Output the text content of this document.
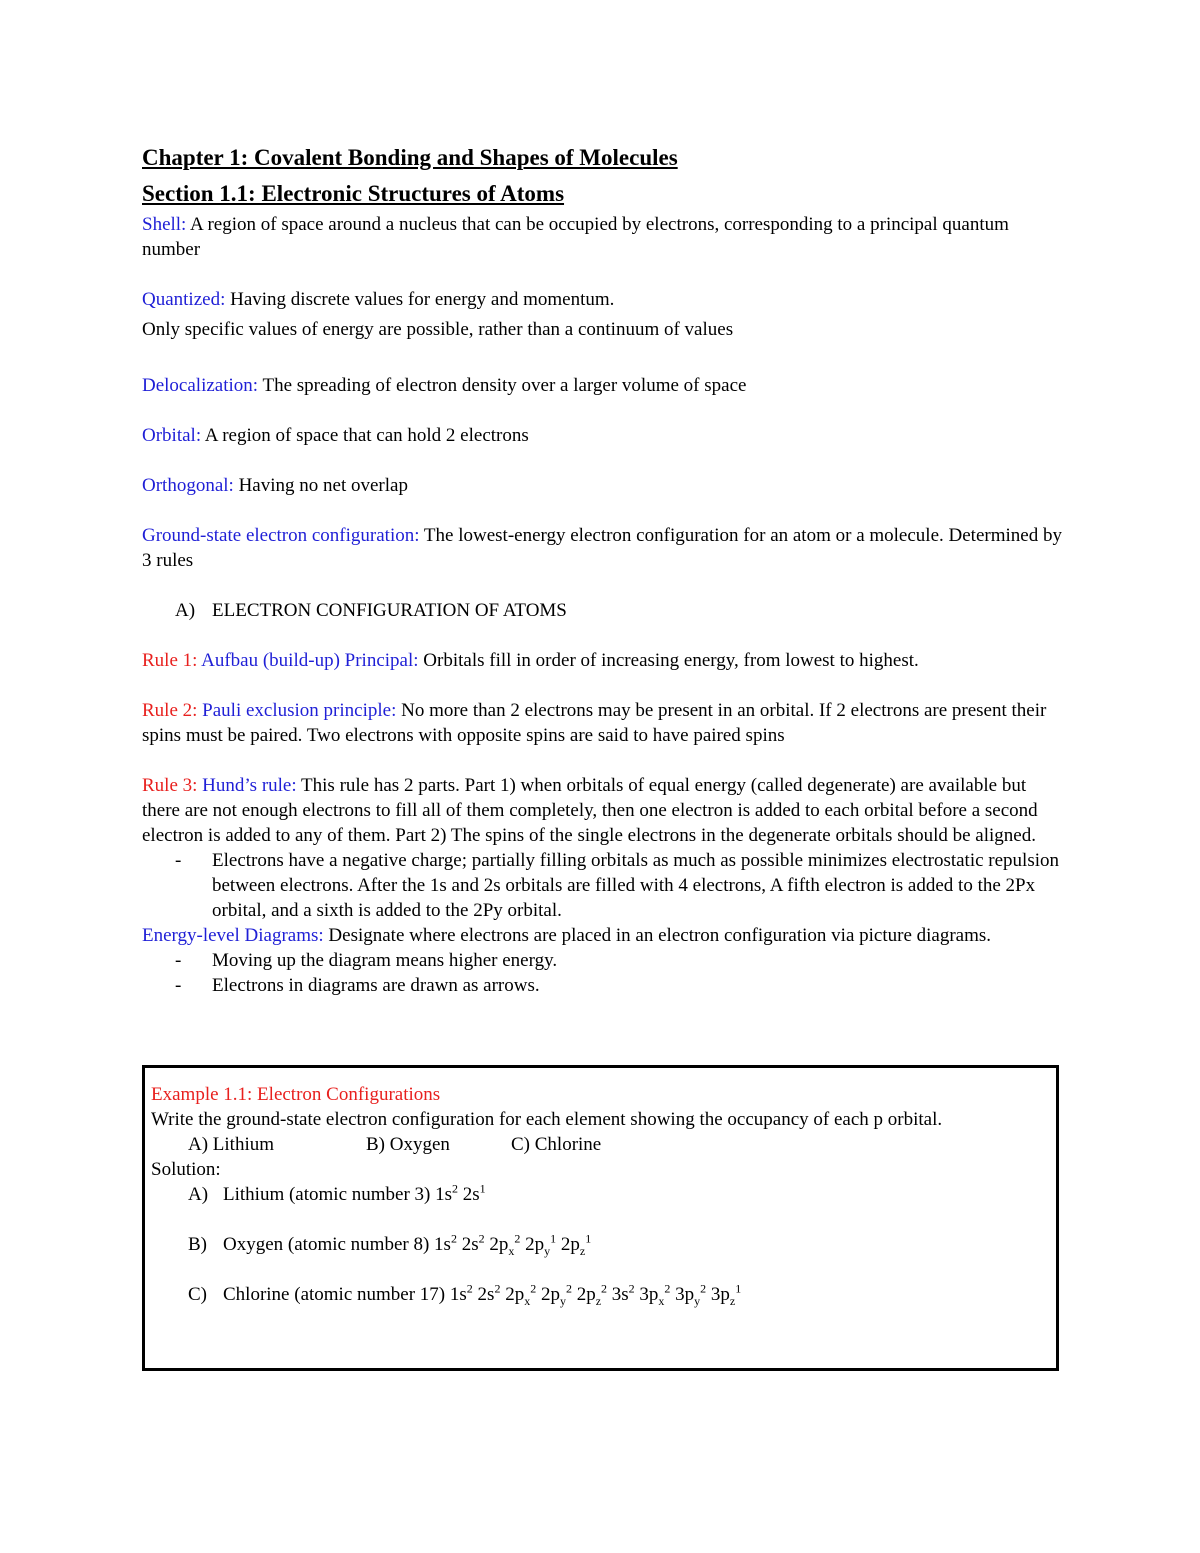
Chapter 1: Covalent Bonding and Shapes of Molecules
Section 1.1: Electronic Structures of Atoms

Shell: A region of space around a nucleus that can be occupied by electrons, corresponding to a principal quantum number

Quantized: Having discrete values for energy and momentum.

Only specific values of energy are possible, rather than a continuum of values

Delocalization: The spreading of electron density over a larger volume of space

Orbital: A region of space that can hold 2 electrons

Orthogonal: Having no net overlap

Ground-state electron configuration: The lowest-energy electron configuration for an atom or a molecule. Determined by 3 rules

A) ELECTRON CONFIGURATION OF ATOMS

Rule 1: Aufbau (build-up) Principal: Orbitals fill in order of increasing energy, from lowest to highest.

Rule 2: Pauli exclusion principle: No more than 2 electrons may be present in an orbital. If 2 electrons are present their spins must be paired. Two electrons with opposite spins are said to have paired spins

Rule 3: Hund’s rule: This rule has 2 parts. Part 1) when orbitals of equal energy (called degenerate) are available but there are not enough electrons to fill all of them completely, then one electron is added to each orbital before a second electron is added to any of them. Part 2) The spins of the single electrons in the degenerate orbitals should be aligned.

- Electrons have a negative charge; partially filling orbitals as much as possible minimizes electrostatic repulsion between electrons. After the 1s and 2s orbitals are filled with 4 electrons, A fifth electron is added to the 2Px orbital, and a sixth is added to the 2Py orbital.

Energy-level Diagrams: Designate where electrons are placed in an electron configuration via picture diagrams.

- Moving up the diagram means higher energy.
- Electrons in diagrams are drawn as arrows.

Example 1.1: Electron Configurations

Write the ground-state electron configuration for each element showing the occupancy of each p orbital.

A) Lithium	B) Oxygen	C) Chlorine

Solution:

A) Lithium (atomic number 3) $1s^2$ $2s^1$

B) Oxygen (atomic number 8) $1s^2$ $2s^2$ $2p_x^2$ $2p_y^1$ $2p_z^1$

C) Chlorine (atomic number 17) $1s^2$ $2s^2$ $2p_x^2$ $2p_y^2$ $2p_z^2$ $3s^2$ $3p_x^2$ $3p_y^2$ $3p_z^1$
